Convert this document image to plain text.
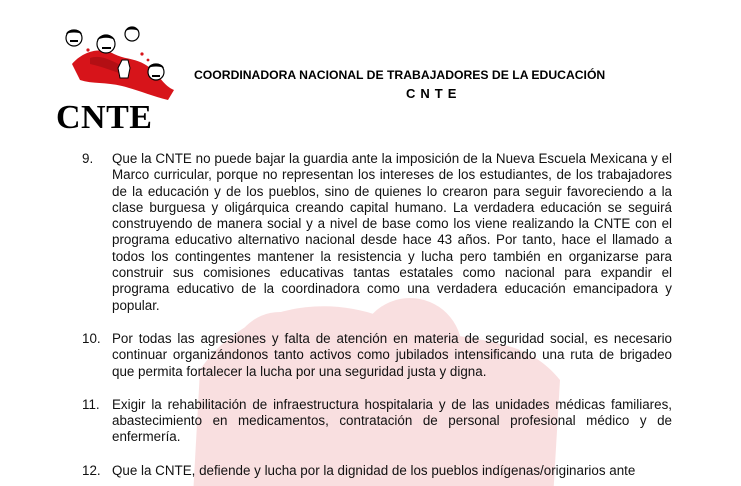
CNTE
COORDINADORA NACIONAL DE TRABAJADORES DE LA EDUCACIÓN
CNTE
9. Que la CNTE no puede bajar la guardia ante la imposición de la Nueva Escuela Mexicana y el Marco curricular, porque no representan los intereses de los estudiantes, de los trabajadores de la educación y de los pueblos, sino de quienes lo crearon para seguir favoreciendo a la clase burguesa y oligárquica creando capital humano. La verdadera educación se seguirá construyendo de manera social y a nivel de base como los viene realizando la CNTE con el programa educativo alternativo nacional desde hace 43 años. Por tanto, hace el llamado a todos los contingentes mantener la resistencia y lucha pero también en organizarse para construir sus comisiones educativas tantas estatales como nacional para expandir el programa educativo de la coordinadora como una verdadera educación emancipadora y popular.
10. Por todas las agresiones y falta de atención en materia de seguridad social, es necesario continuar organizándonos tanto activos como jubilados intensificando una ruta de brigadeo que permita fortalecer la lucha por una seguridad justa y digna.
11. Exigir la rehabilitación de infraestructura hospitalaria y de las unidades médicas familiares, abastecimiento en medicamentos, contratación de personal profesional médico y de enfermería.
12. Que la CNTE, defiende y lucha por la dignidad de los pueblos indígenas/originarios ante
